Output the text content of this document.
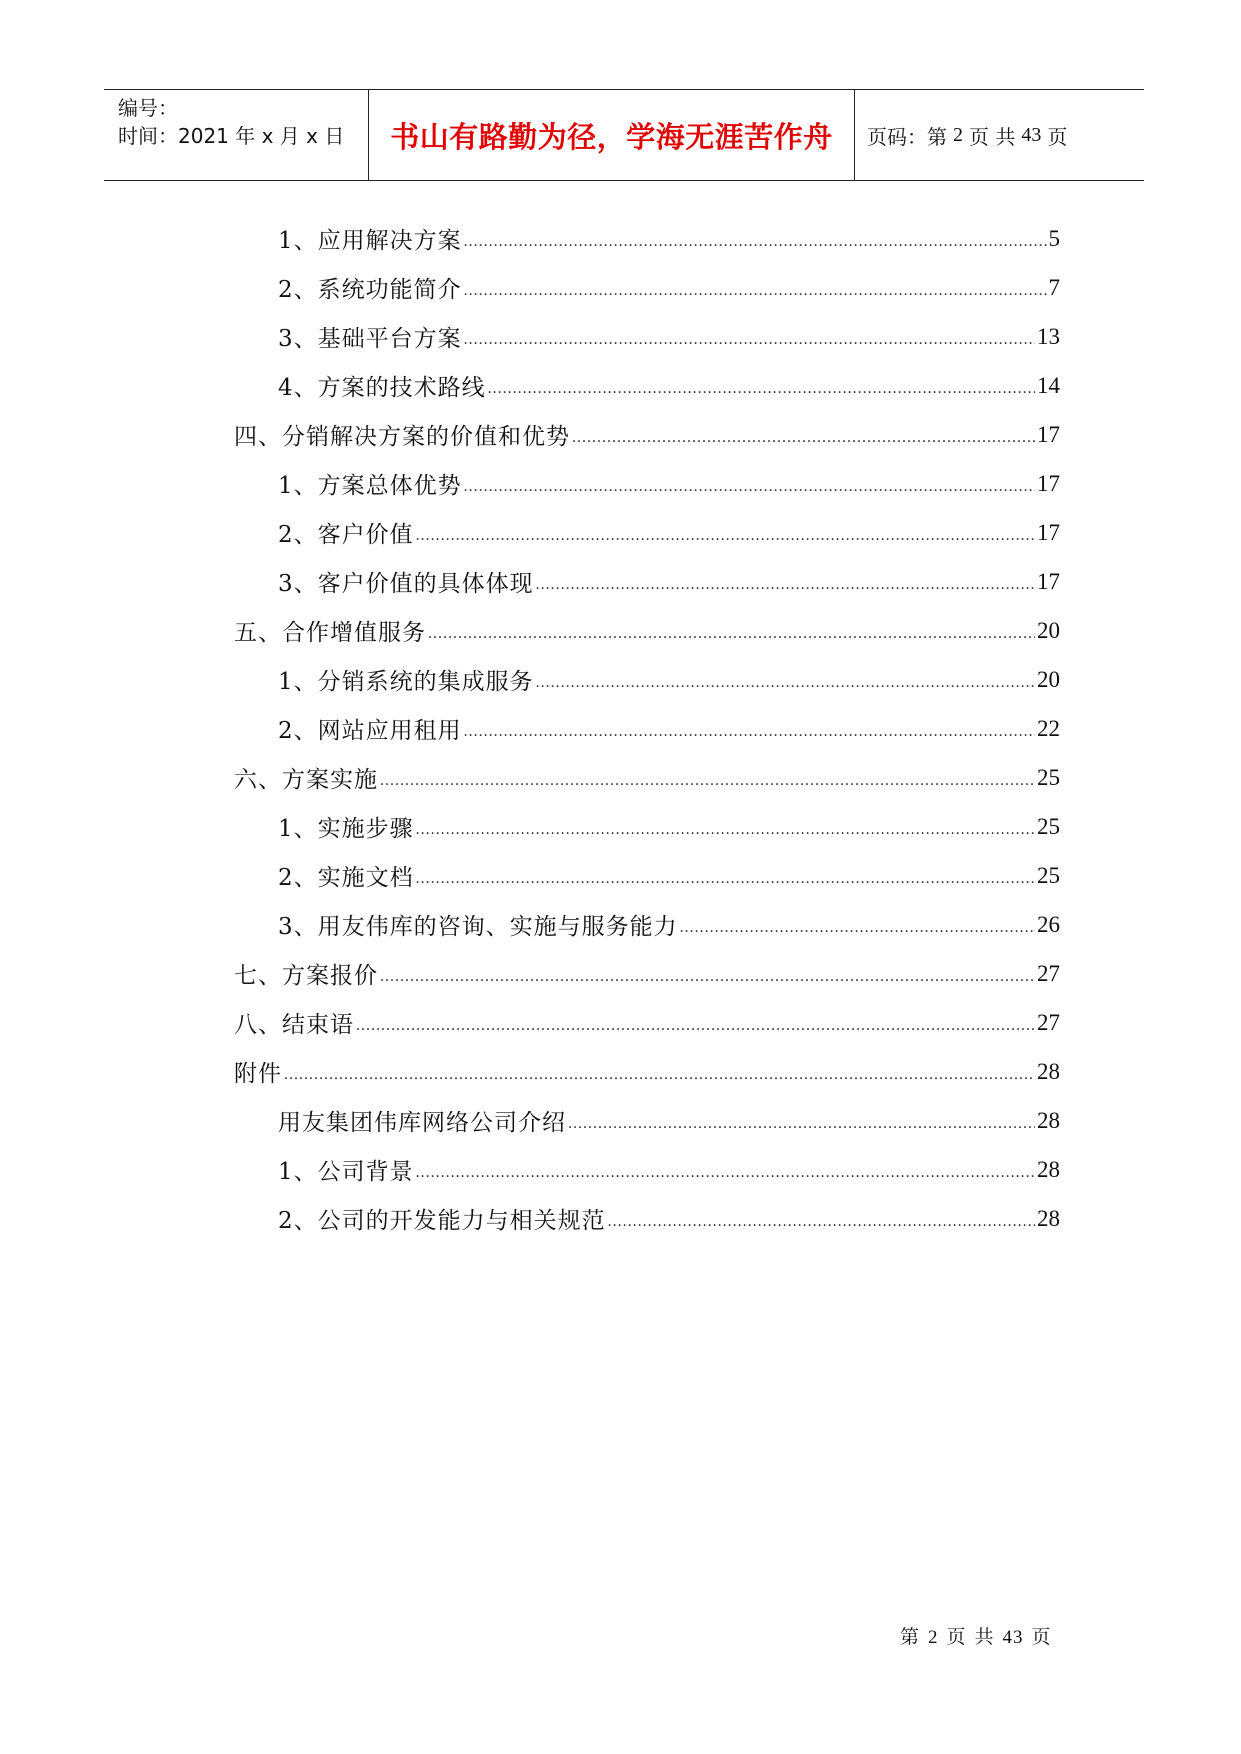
编号：
时间：2021 年 x 月 x 日	书山有路勤为径，学海无涯苦作舟 页码：第 2 页 共 43 页
1、应用解决方案 .....	5
2、系统功能简介 .....	7
3、基础平台方案 .....	13
4、方案的技术路线 .....	14
四、分销解决方案的价值和优势 .....	17
1、方案总体优势 .....	17
2、客户价值 .....	17
3、客户价值的具体体现 .....	17
五、合作增值服务 .....	20
1、分销系统的集成服务 .....	20
2、网站应用租用 .....	22
六、方案实施 .....	25
1、实施步骤 .....	25
2、实施文档 .....	25
3、用友伟库的咨询、实施与服务能力 .....	26
七、方案报价 .....	27
八、结束语 .....	27
附件 .....	28
用友集团伟库网络公司介绍 .....	28
1、公司背景 .....	28
2、公司的开发能力与相关规范 .....	28
第 2 页 共 43 页
